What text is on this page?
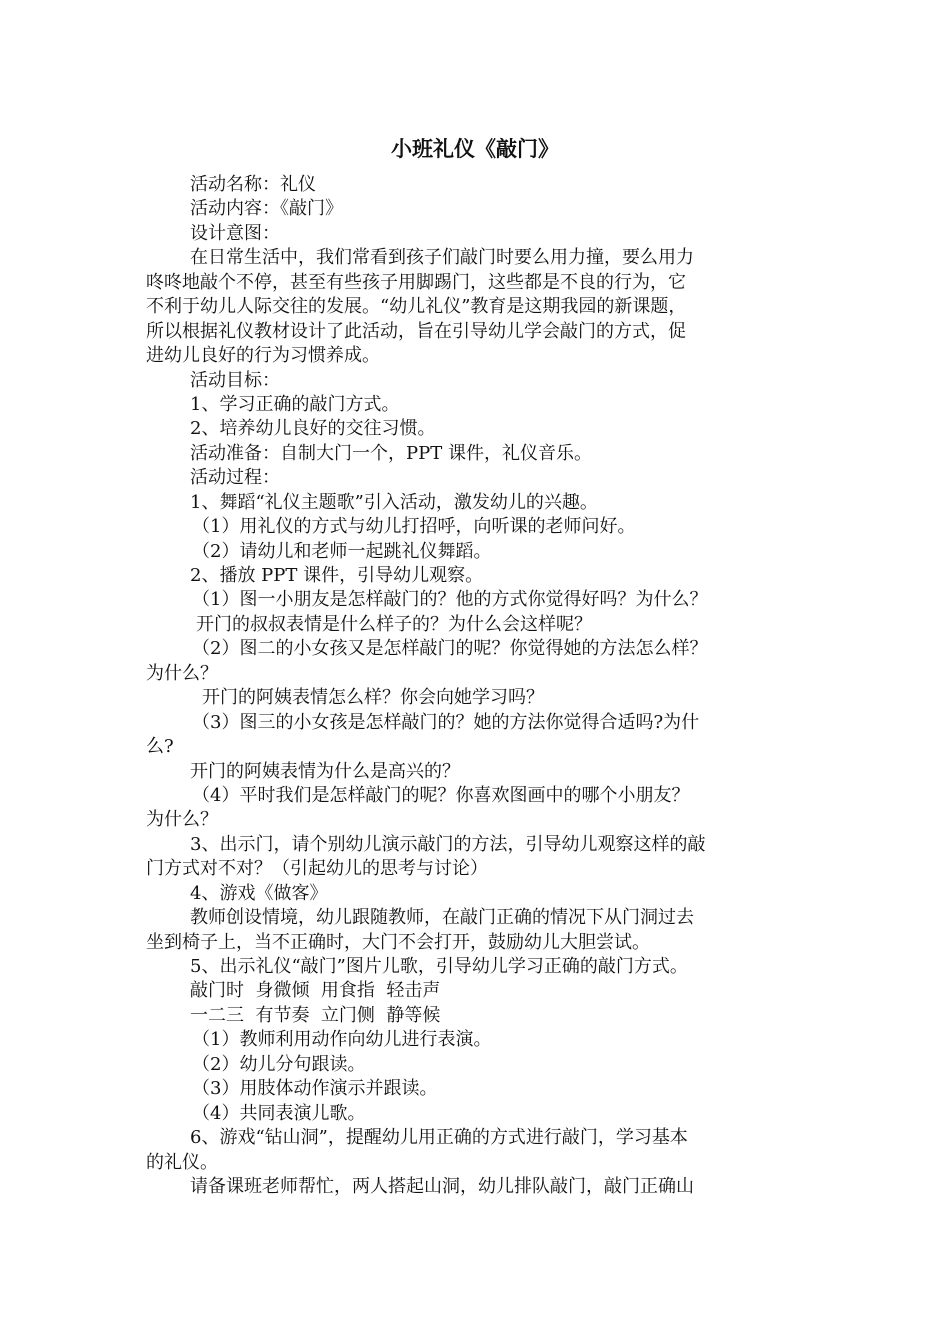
小班礼仪《敲门》
活动名称：礼仪
活动内容：《敲门》
设计意图：
在日常生活中，我们常看到孩子们敲门时要么用力撞，要么用力
咚咚地敲个不停，甚至有些孩子用脚踢门，这些都是不良的行为，它
不利于幼儿人际交往的发展。“幼儿礼仪”教育是这期我园的新课题，
所以根据礼仪教材设计了此活动，旨在引导幼儿学会敲门的方式，促
进幼儿良好的行为习惯养成。
活动目标：
1、学习正确的敲门方式。
2、培养幼儿良好的交往习惯。
活动准备：自制大门一个，PPT 课件，礼仪音乐。
活动过程：
1、舞蹈“礼仪主题歌”引入活动，激发幼儿的兴趣。
（1）用礼仪的方式与幼儿打招呼，向听课的老师问好。
（2）请幼儿和老师一起跳礼仪舞蹈。
2、播放 PPT 课件，引导幼儿观察。
（1）图一小朋友是怎样敲门的？他的方式你觉得好吗？为什么？
开门的叔叔表情是什么样子的？为什么会这样呢？
（2）图二的小女孩又是怎样敲门的呢？你觉得她的方法怎么样？
为什么？
开门的阿姨表情怎么样？你会向她学习吗？
（3）图三的小女孩是怎样敲门的？她的方法你觉得合适吗?为什
么?
开门的阿姨表情为什么是高兴的？
（4）平时我们是怎样敲门的呢？你喜欢图画中的哪个小朋友？
为什么？
3、出示门，请个别幼儿演示敲门的方法，引导幼儿观察这样的敲
门方式对不对？（引起幼儿的思考与讨论）
4、游戏《做客》
教师创设情境，幼儿跟随教师，在敲门正确的情况下从门洞过去
坐到椅子上，当不正确时，大门不会打开，鼓励幼儿大胆尝试。
5、出示礼仪“敲门”图片儿歌，引导幼儿学习正确的敲门方式。
敲门时  身微倾  用食指  轻击声
一二三  有节奏  立门侧  静等候
（1）教师利用动作向幼儿进行表演。
（2）幼儿分句跟读。
（3）用肢体动作演示并跟读。
（4）共同表演儿歌。
6、游戏“钻山洞”，提醒幼儿用正确的方式进行敲门，学习基本
的礼仪。
请备课班老师帮忙，两人搭起山洞，幼儿排队敲门，敲门正确山
